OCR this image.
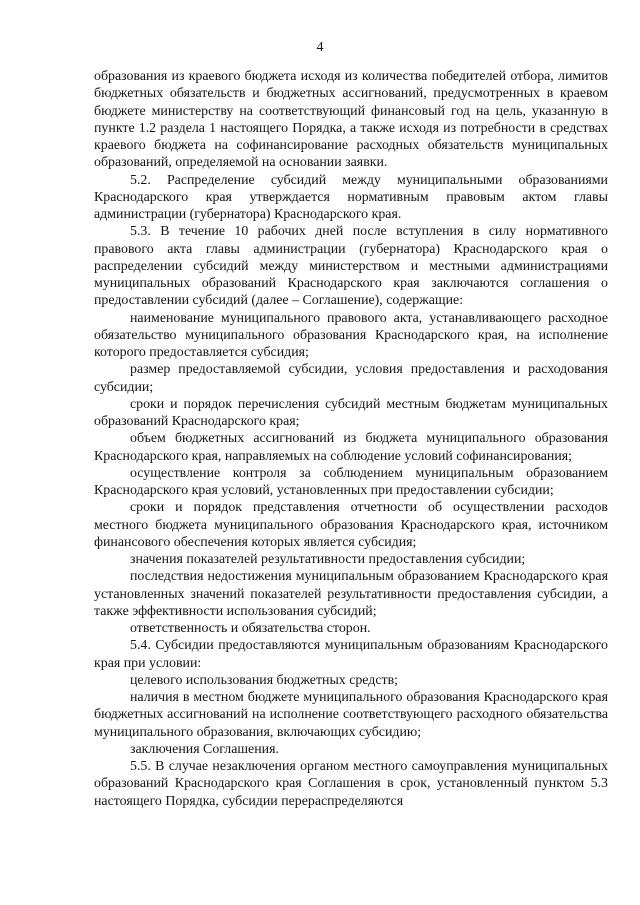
4

образования из краевого бюджета исходя из количества победителей отбора, лимитов бюджетных обязательств и бюджетных ассигнований, предусмотренных в краевом бюджете министерству на соответствующий финансовый год на цель, указанную в пункте 1.2 раздела 1 настоящего Порядка, а также исходя из потребности в средствах краевого бюджета на софинансирование расходных обязательств муниципальных образований, определяемой на основании заявки.

5.2. Распределение субсидий между муниципальными образованиями Краснодарского края утверждается нормативным правовым актом главы администрации (губернатора) Краснодарского края.

5.3. В течение 10 рабочих дней после вступления в силу нормативного правового акта главы администрации (губернатора) Краснодарского края о распределении субсидий между министерством и местными администрациями муниципальных образований Краснодарского края заключаются соглашения о предоставлении субсидий (далее – Соглашение), содержащие:

наименование муниципального правового акта, устанавливающего расходное обязательство муниципального образования Краснодарского края, на исполнение которого предоставляется субсидия;

размер предоставляемой субсидии, условия предоставления и расходования субсидии;

сроки и порядок перечисления субсидий местным бюджетам муниципальных образований Краснодарского края;

объем бюджетных ассигнований из бюджета муниципального образования Краснодарского края, направляемых на соблюдение условий софинансирования;

осуществление контроля за соблюдением муниципальным образованием Краснодарского края условий, установленных при предоставлении субсидии;

сроки и порядок представления отчетности об осуществлении расходов местного бюджета муниципального образования Краснодарского края, источником финансового обеспечения которых является субсидия;

значения показателей результативности предоставления субсидии;

последствия недостижения муниципальным образованием Краснодарского края установленных значений показателей результативности предоставления субсидии, а также эффективности использования субсидий;

ответственность и обязательства сторон.

5.4. Субсидии предоставляются муниципальным образованиям Краснодарского края при условии:

целевого использования бюджетных средств;

наличия в местном бюджете муниципального образования Краснодарского края бюджетных ассигнований на исполнение соответствующего расходного обязательства муниципального образования, включающих субсидию;

заключения Соглашения.

5.5. В случае незаключения органом местного самоуправления муниципальных образований Краснодарского края Соглашения в срок, установленный пунктом 5.3 настоящего Порядка, субсидии перераспределяются
